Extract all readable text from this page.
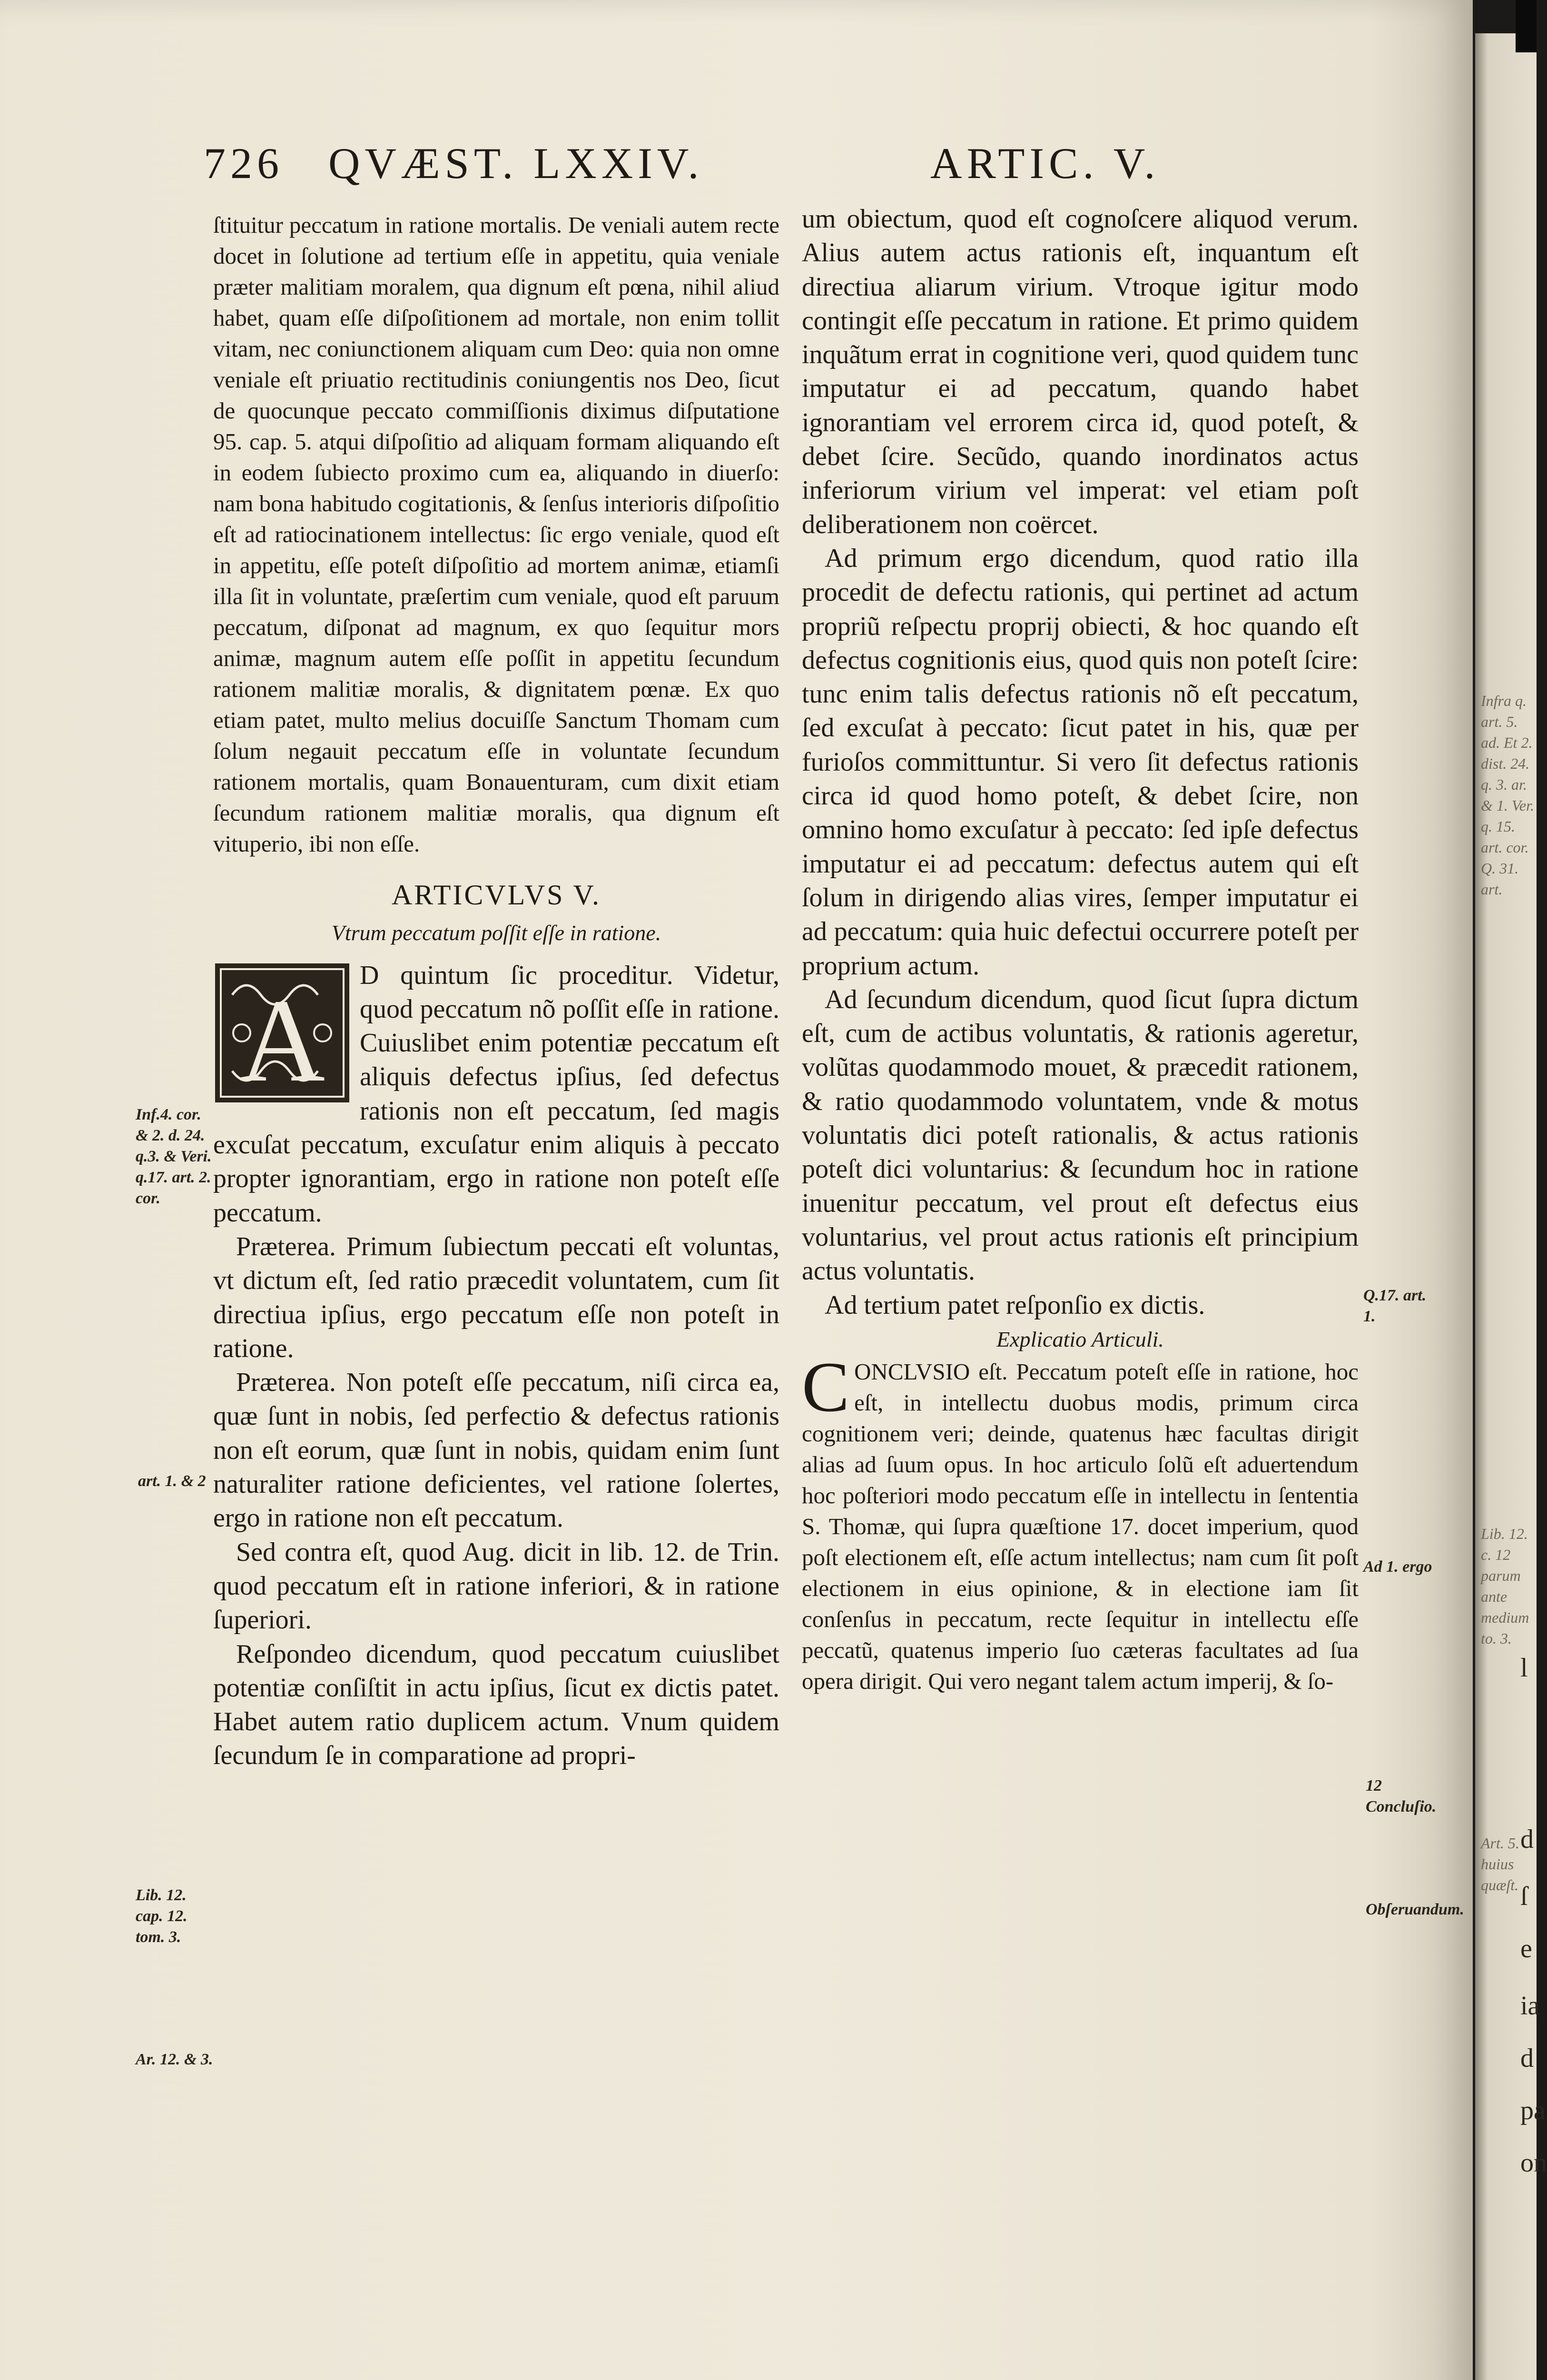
726 QVÆST. LXXIV.	ARTIC. V.

ſtituitur peccatum in ratione mortalis. De veniali autem recte docet in ſolutione ad tertium eſſe in appetitu, quia veniale præter malitiam moralem, qua dignum eſt pœna, nihil aliud habet, quam eſſe diſpoſitionem ad mortale, non enim tollit vitam, nec coniunctionem aliquam cum Deo: quia non omne veniale eſt priuatio rectitudinis coniungentis nos Deo, ſicut de quocunque peccato commiſſionis diximus diſputatione 95. cap. 5. atqui diſpoſitio ad aliquam formam aliquando eſt in eodem ſubiecto proximo cum ea, aliquando in diuerſo: nam bona habitudo cogitationis, & ſenſus interioris diſpoſitio eſt ad ratiocinationem intellectus: ſic ergo veniale, quod eſt in appetitu, eſſe poteſt diſpoſitio ad mortem animæ, etiamſi illa ſit in voluntate, præſertim cum veniale, quod eſt paruum peccatum, diſponat ad magnum, ex quo ſequitur mors animæ, magnum autem eſſe poſſit in appetitu ſecundum rationem malitiæ moralis, & dignitatem pœnæ. Ex quo etiam patet, multo melius docuiſſe Sanctum Thomam cum ſolum negauit peccatum eſſe in voluntate ſecundum rationem mortalis, quam Bonauenturam, cum dixit etiam ſecundum rationem malitiæ moralis, qua dignum eſt vituperio, ibi non eſſe.

ARTICVLVS V.

Vtrum peccatum poſſit eſſe in ratione.

A	D quintum ſic proceditur. Videtur, quod peccatum nõ poſſit eſſe in ratione. Cuiuslibet enim potentiæ peccatum eſt aliquis defectus ipſius, ſed defectus rationis non eſt peccatum, ſed magis excuſat peccatum, excuſatur enim aliquis à peccato propter ignorantiam, ergo in ratione non poteſt eſſe peccatum.

Præterea. Primum ſubiectum peccati eſt voluntas, vt dictum eſt, ſed ratio præcedit voluntatem, cum ſit directiua ipſius, ergo peccatum eſſe non poteſt in ratione.

Præterea. Non poteſt eſſe peccatum, niſi circa ea, quæ ſunt in nobis, ſed perfectio & defectus rationis non eſt eorum, quæ ſunt in nobis, quidam enim ſunt naturaliter ratione deficientes, vel ratione ſolertes, ergo in ratione non eſt peccatum.

Sed contra eſt, quod Aug. dicit in lib. 12. de Trin. quod peccatum eſt in ratione inferiori, & in ratione ſuperiori.

Reſpondeo dicendum, quod peccatum cuiuslibet potentiæ conſiſtit in actu ipſius, ſicut ex dictis patet. Habet autem ratio duplicem actum. Vnum quidem ſecundum ſe in comparatione ad propri-

um obiectum, quod eſt cognoſcere aliquod verum. Alius autem actus rationis eſt, inquantum eſt directiua aliarum virium. Vtroque igitur modo contingit eſſe peccatum in ratione. Et primo quidem inquãtum errat in cognitione veri, quod quidem tunc imputatur ei ad peccatum, quando habet ignorantiam vel errorem circa id, quod poteſt, & debet ſcire. Secũdo, quando inordinatos actus inferiorum virium vel imperat: vel etiam poſt deliberationem non coërcet.

Ad primum ergo dicendum, quod ratio illa procedit de defectu rationis, qui pertinet ad actum propriũ reſpectu proprij obiecti, & hoc quando eſt defectus cognitionis eius, quod quis non poteſt ſcire: tunc enim talis defectus rationis nõ eſt peccatum, ſed excuſat à peccato: ſicut patet in his, quæ per furioſos committuntur. Si vero ſit defectus rationis circa id quod homo poteſt, & debet ſcire, non omnino homo excuſatur à peccato: ſed ipſe defectus imputatur ei ad peccatum: defectus autem qui eſt ſolum in dirigendo alias vires, ſemper imputatur ei ad peccatum: quia huic defectui occurrere poteſt per proprium actum.

Ad ſecundum dicendum, quod ſicut ſupra dictum eſt, cum de actibus voluntatis, & rationis ageretur, volũtas quodammodo mouet, & præcedit rationem, & ratio quodammodo voluntatem, vnde & motus voluntatis dici poteſt rationalis, & actus rationis poteſt dici voluntarius: & ſecundum hoc in ratione inuenitur peccatum, vel prout eſt defectus eius voluntarius, vel prout actus rationis eſt principium actus voluntatis.

Ad tertium patet reſponſio ex dictis.

Explicatio Articuli.

CONCLVSIO eſt. Peccatum poteſt eſſe in ratione, hoc eſt, in intellectu duobus modis, primum circa cognitionem veri; deinde, quatenus hæc facultas dirigit alias ad ſuum opus. In hoc articulo ſolũ eſt aduertendum hoc poſteriori modo peccatum eſſe in intellectu in ſententia S. Thomæ, qui ſupra quæſtione 17. docet imperium, quod poſt electionem eſt, eſſe actum intellectus; nam cum ſit poſt electionem in eius opinione, & in electione iam ſit conſenſus in peccatum, recte ſequitur in intellectu eſſe peccatũ, quatenus imperio ſuo cæteras facultates ad ſua opera dirigit. Qui vero negant talem actum imperij, & ſo-

Inf.4. cor. & 2. d. 24. q.3. & Veri. q.17. art. 2. cor.
art. 1. & 2
Lib. 12. cap. 12. tom. 3.
Ar. 12. & 3.
Q.17. art. 1.
Ad 1. ergo
12 Concluſio.
Obſeruandum.
Infra q. art. 5. ad. Et 2. dist. 24. q. 3. ar. & 1. Ver. q. 15. art. cor. Q. 31. art.
Lib. 12. c. 12 parum ante medium to. 3.
Art. 5. huius quæſt.
l
d
ſ
e
ia
d
pa
on
